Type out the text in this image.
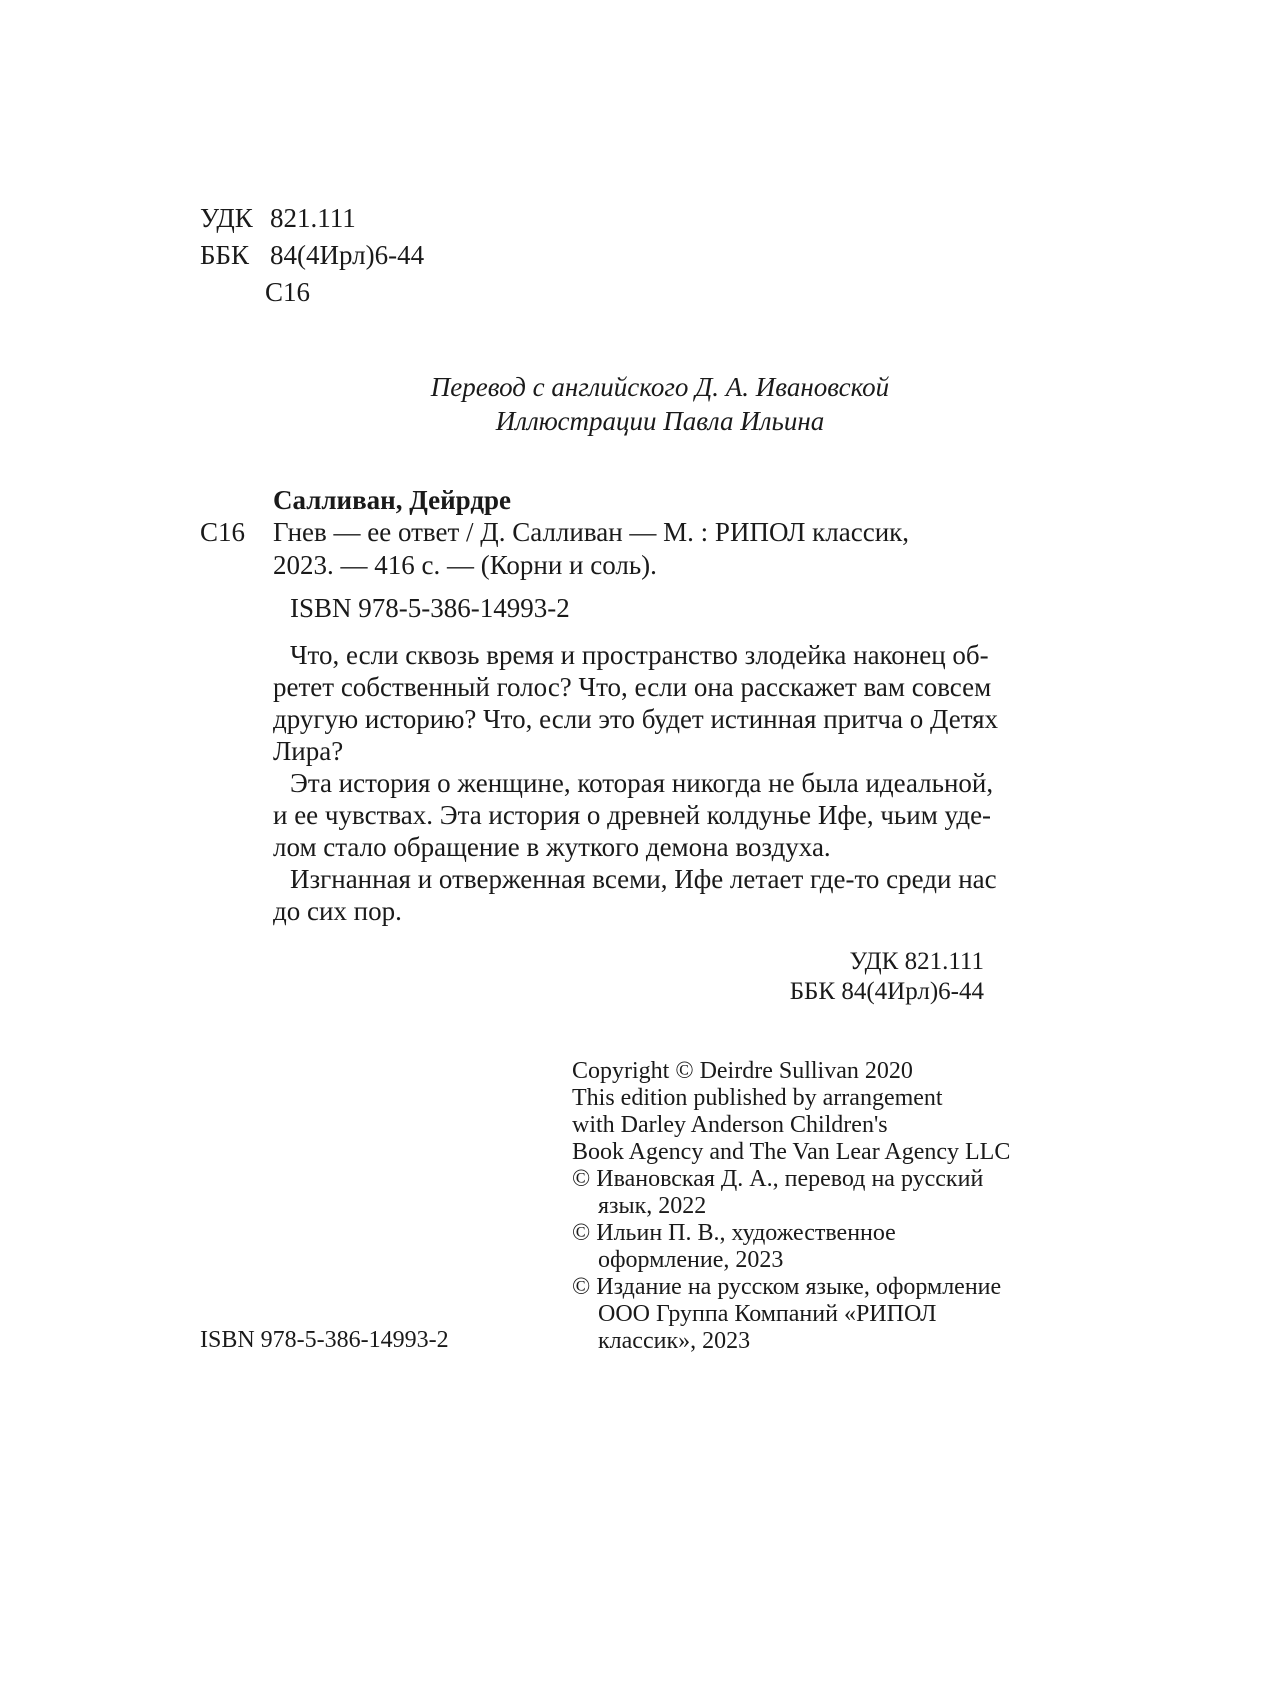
УДК 821.111
ББК 84(4Ирл)6-44
С16
Перевод с английского Д. А. Ивановской
Иллюстрации Павла Ильина
Салливан, Дейрдре
С16 Гнев — ее ответ / Д. Салливан — М. : РИПОЛ классик,
2023. — 416 с. — (Корни и соль).
ISBN 978-5-386-14993-2
Что, если сквозь время и пространство злодейка наконец об-
ретет собственный голос? Что, если она расскажет вам совсем
другую историю? Что, если это будет истинная притча о Детях
Лира?
Эта история о женщине, которая никогда не была идеальной,
и ее чувствах. Эта история о древней колдунье Ифе, чьим уде-
лом стало обращение в жуткого демона воздуха.
Изгнанная и отверженная всеми, Ифе летает где-то среди нас
до сих пор.
УДК 821.111
ББК 84(4Ирл)6-44
Copyright © Deirdre Sullivan 2020
This edition published by arrangement
with Darley Anderson Children's
Book Agency and The Van Lear Agency LLC
© Ивановская Д. А., перевод на русский
язык, 2022
© Ильин П. В., художественное
оформление, 2023
© Издание на русском языке, оформление
ООО Группа Компаний «РИПОЛ
классик», 2023
ISBN 978-5-386-14993-2
